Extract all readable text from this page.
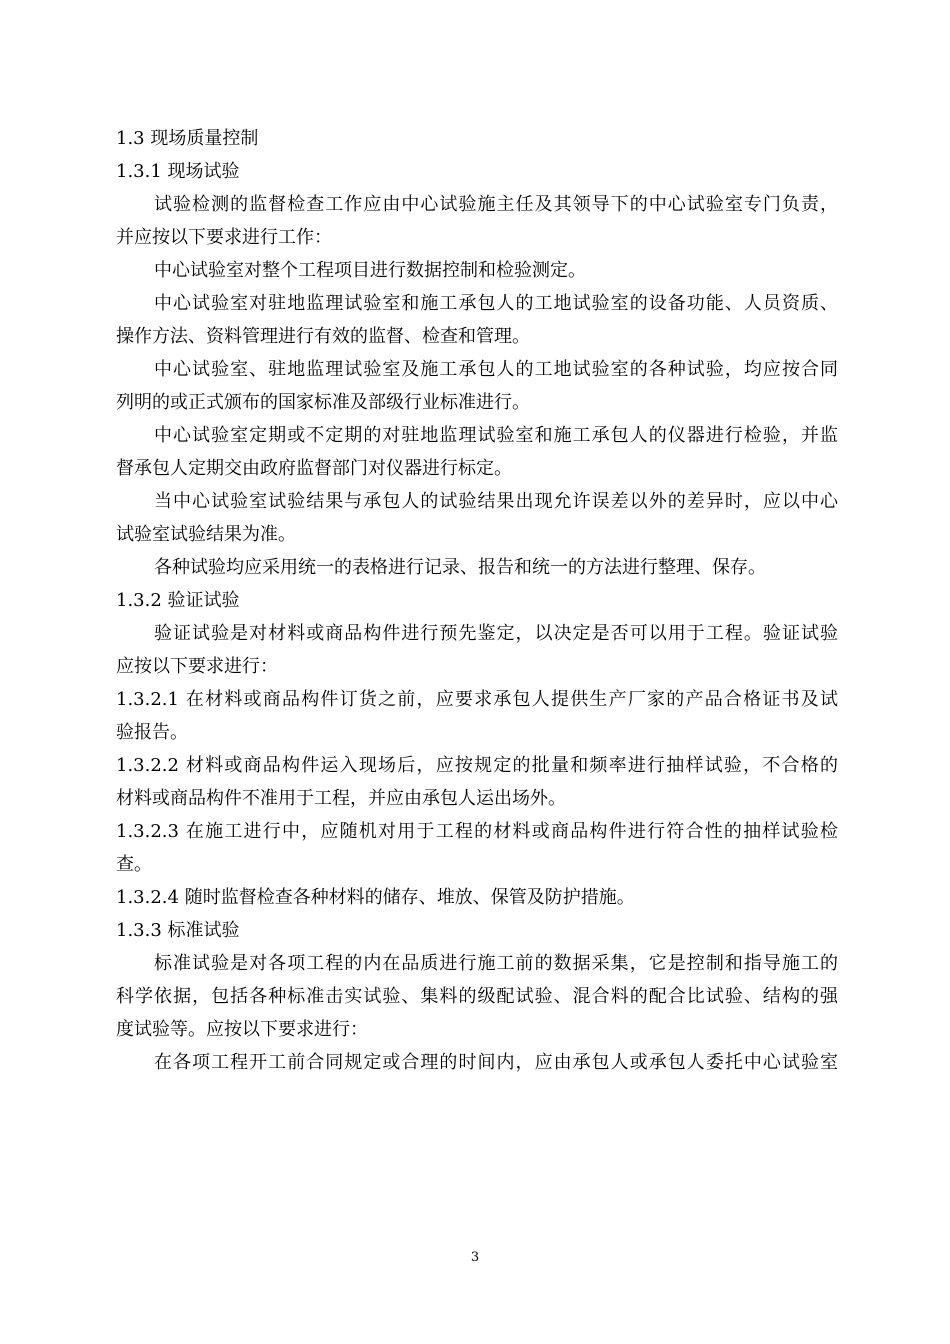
1.3 现场质量控制
1.3.1 现场试验
试验检测的监督检查工作应由中心试验施主任及其领导下的中心试验室专门负责，
并应按以下要求进行工作：
中心试验室对整个工程项目进行数据控制和检验测定。
中心试验室对驻地监理试验室和施工承包人的工地试验室的设备功能、人员资质、
操作方法、资料管理进行有效的监督、检查和管理。
中心试验室、驻地监理试验室及施工承包人的工地试验室的各种试验，均应按合同
列明的或正式颁布的国家标准及部级行业标准进行。
中心试验室定期或不定期的对驻地监理试验室和施工承包人的仪器进行检验，并监
督承包人定期交由政府监督部门对仪器进行标定。
当中心试验室试验结果与承包人的试验结果出现允许误差以外的差异时，应以中心
试验室试验结果为准。
各种试验均应采用统一的表格进行记录、报告和统一的方法进行整理、保存。
1.3.2 验证试验
验证试验是对材料或商品构件进行预先鉴定，以决定是否可以用于工程。验证试验
应按以下要求进行：
1.3.2.1 在材料或商品构件订货之前，应要求承包人提供生产厂家的产品合格证书及试
验报告。
1.3.2.2 材料或商品构件运入现场后，应按规定的批量和频率进行抽样试验，不合格的
材料或商品构件不准用于工程，并应由承包人运出场外。
1.3.2.3 在施工进行中，应随机对用于工程的材料或商品构件进行符合性的抽样试验检
查。
1.3.2.4 随时监督检查各种材料的储存、堆放、保管及防护措施。
1.3.3 标准试验
标准试验是对各项工程的内在品质进行施工前的数据采集，它是控制和指导施工的
科学依据，包括各种标准击实试验、集料的级配试验、混合料的配合比试验、结构的强
度试验等。应按以下要求进行：
在各项工程开工前合同规定或合理的时间内，应由承包人或承包人委托中心试验室
3
